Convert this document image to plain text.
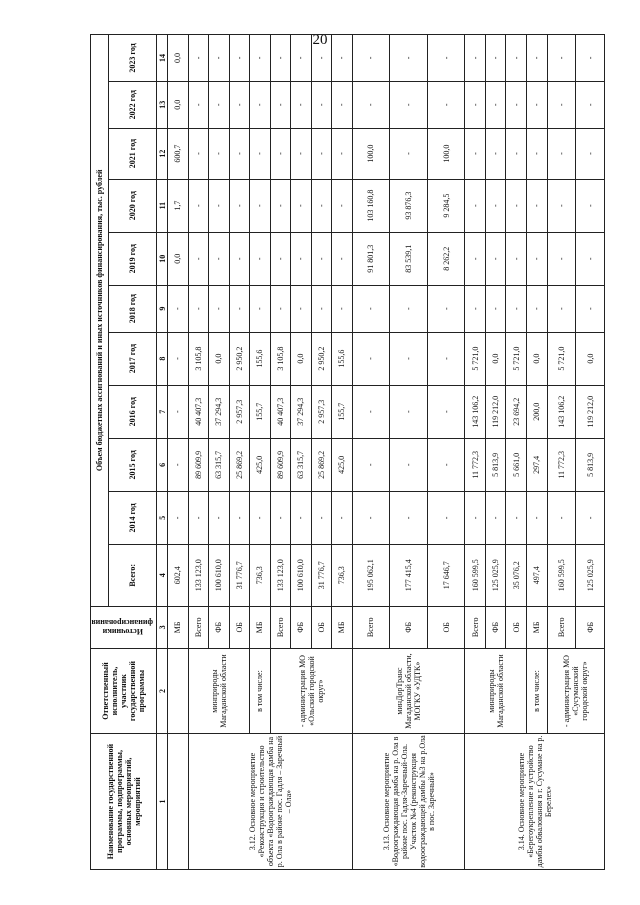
20
Наименование государственной программы, подпрограммы, основных мероприятий, мероприятий	Ответственный исполнитель, участник государственной программы	Источники финансирования	Объем бюджетных ассигнований и иных источников финансирования, тыс. рублей										
			Всего:	2014 год	2015 год	2016 год	2017 год	2018 год	2019 год	2020 год	2021 год	2022 год	2023 год
1	2	3	4	5	6	7	8	9	10	11	12	13	14
		МБ	602,4	-	-	-	-	-	0,0	1,7	600,7	0,0	0,0
3.12. Основное мероприятие «Реконструкция и строительство объекта «Водоограждающая дамба на р. Ола в районе пос. Гадля – Заречный – Ола»	минприроды Магаданской области	Всего	133 123,0	-	89 609,9	40 407,3	3 105,8	-	-	-	-	-	-
		ФБ	100 610,0	-	63 315,7	37 294,3	0,0	-	-	-	-	-	-
		ОБ	31 776,7	-	25 869,2	2 957,3	2 950,2	-	-	-	-	-	-
	в том числе:	МБ	736,3	-	425,0	155,7	155,6	-	-	-	-	-	-
	- администрация МО «Ольский городской округ»	Всего	133 123,0	-	89 609,9	40 407,3	3 105,8	-	-	-	-	-	-
		ФБ	100 610,0	-	63 315,7	37 294,3	0,0	-	-	-	-	-	-
		ОБ	31 776,7	-	25 869,2	2 957,3	2 950,2	-	-	-	-	-	-
		МБ	736,3	-	425,0	155,7	155,6	-	-	-	-	-	-
3.13. Основное мероприятие «Водоограждающая дамба на р. Ола в районе пос. Гадля-Заречный-Ола. Участок №4 (реконструкция водоограждающей дамбы №3 на р.Ола в пос. Заречный»	минДорТранс Магаданской области, МОГКУ «УДТК»	Всего	195 062,1	-	-	-	-	-	91 801,3	103 160,8	100,0	-	-
		ФБ	177 415,4	-	-	-	-	-	83 539,1	93 876,3	-	-	-
		ОБ	17 646,7	-	-	-	-	-	8 262,2	9 284,5	100,0	-	-
3.14. Основное мероприятие «Берегоукрепление и устройство дамбы обвалования в г. Сусумане на р. Берелех»	минприроды Магаданской области	Всего	160 599,5	-	11 772,3	143 106,2	5 721,0	-	-	-	-	-	-
		ФБ	125 025,9	-	5 813,9	119 212,0	0,0	-	-	-	-	-	-
		ОБ	35 076,2	-	5 661,0	23 694,2	5 721,0	-	-	-	-	-	-
	в том числе:	МБ	497,4	-	297,4	200,0	0,0	-	-	-	-	-	-
	- администрация МО «Сусуманский городской округ»	Всего	160 599,5	-	11 772,3	143 106,2	5 721,0	-	-	-	-	-	-
		ФБ	125 025,9	-	5 813,9	119 212,0	0,0	-	-	-	-	-	-
